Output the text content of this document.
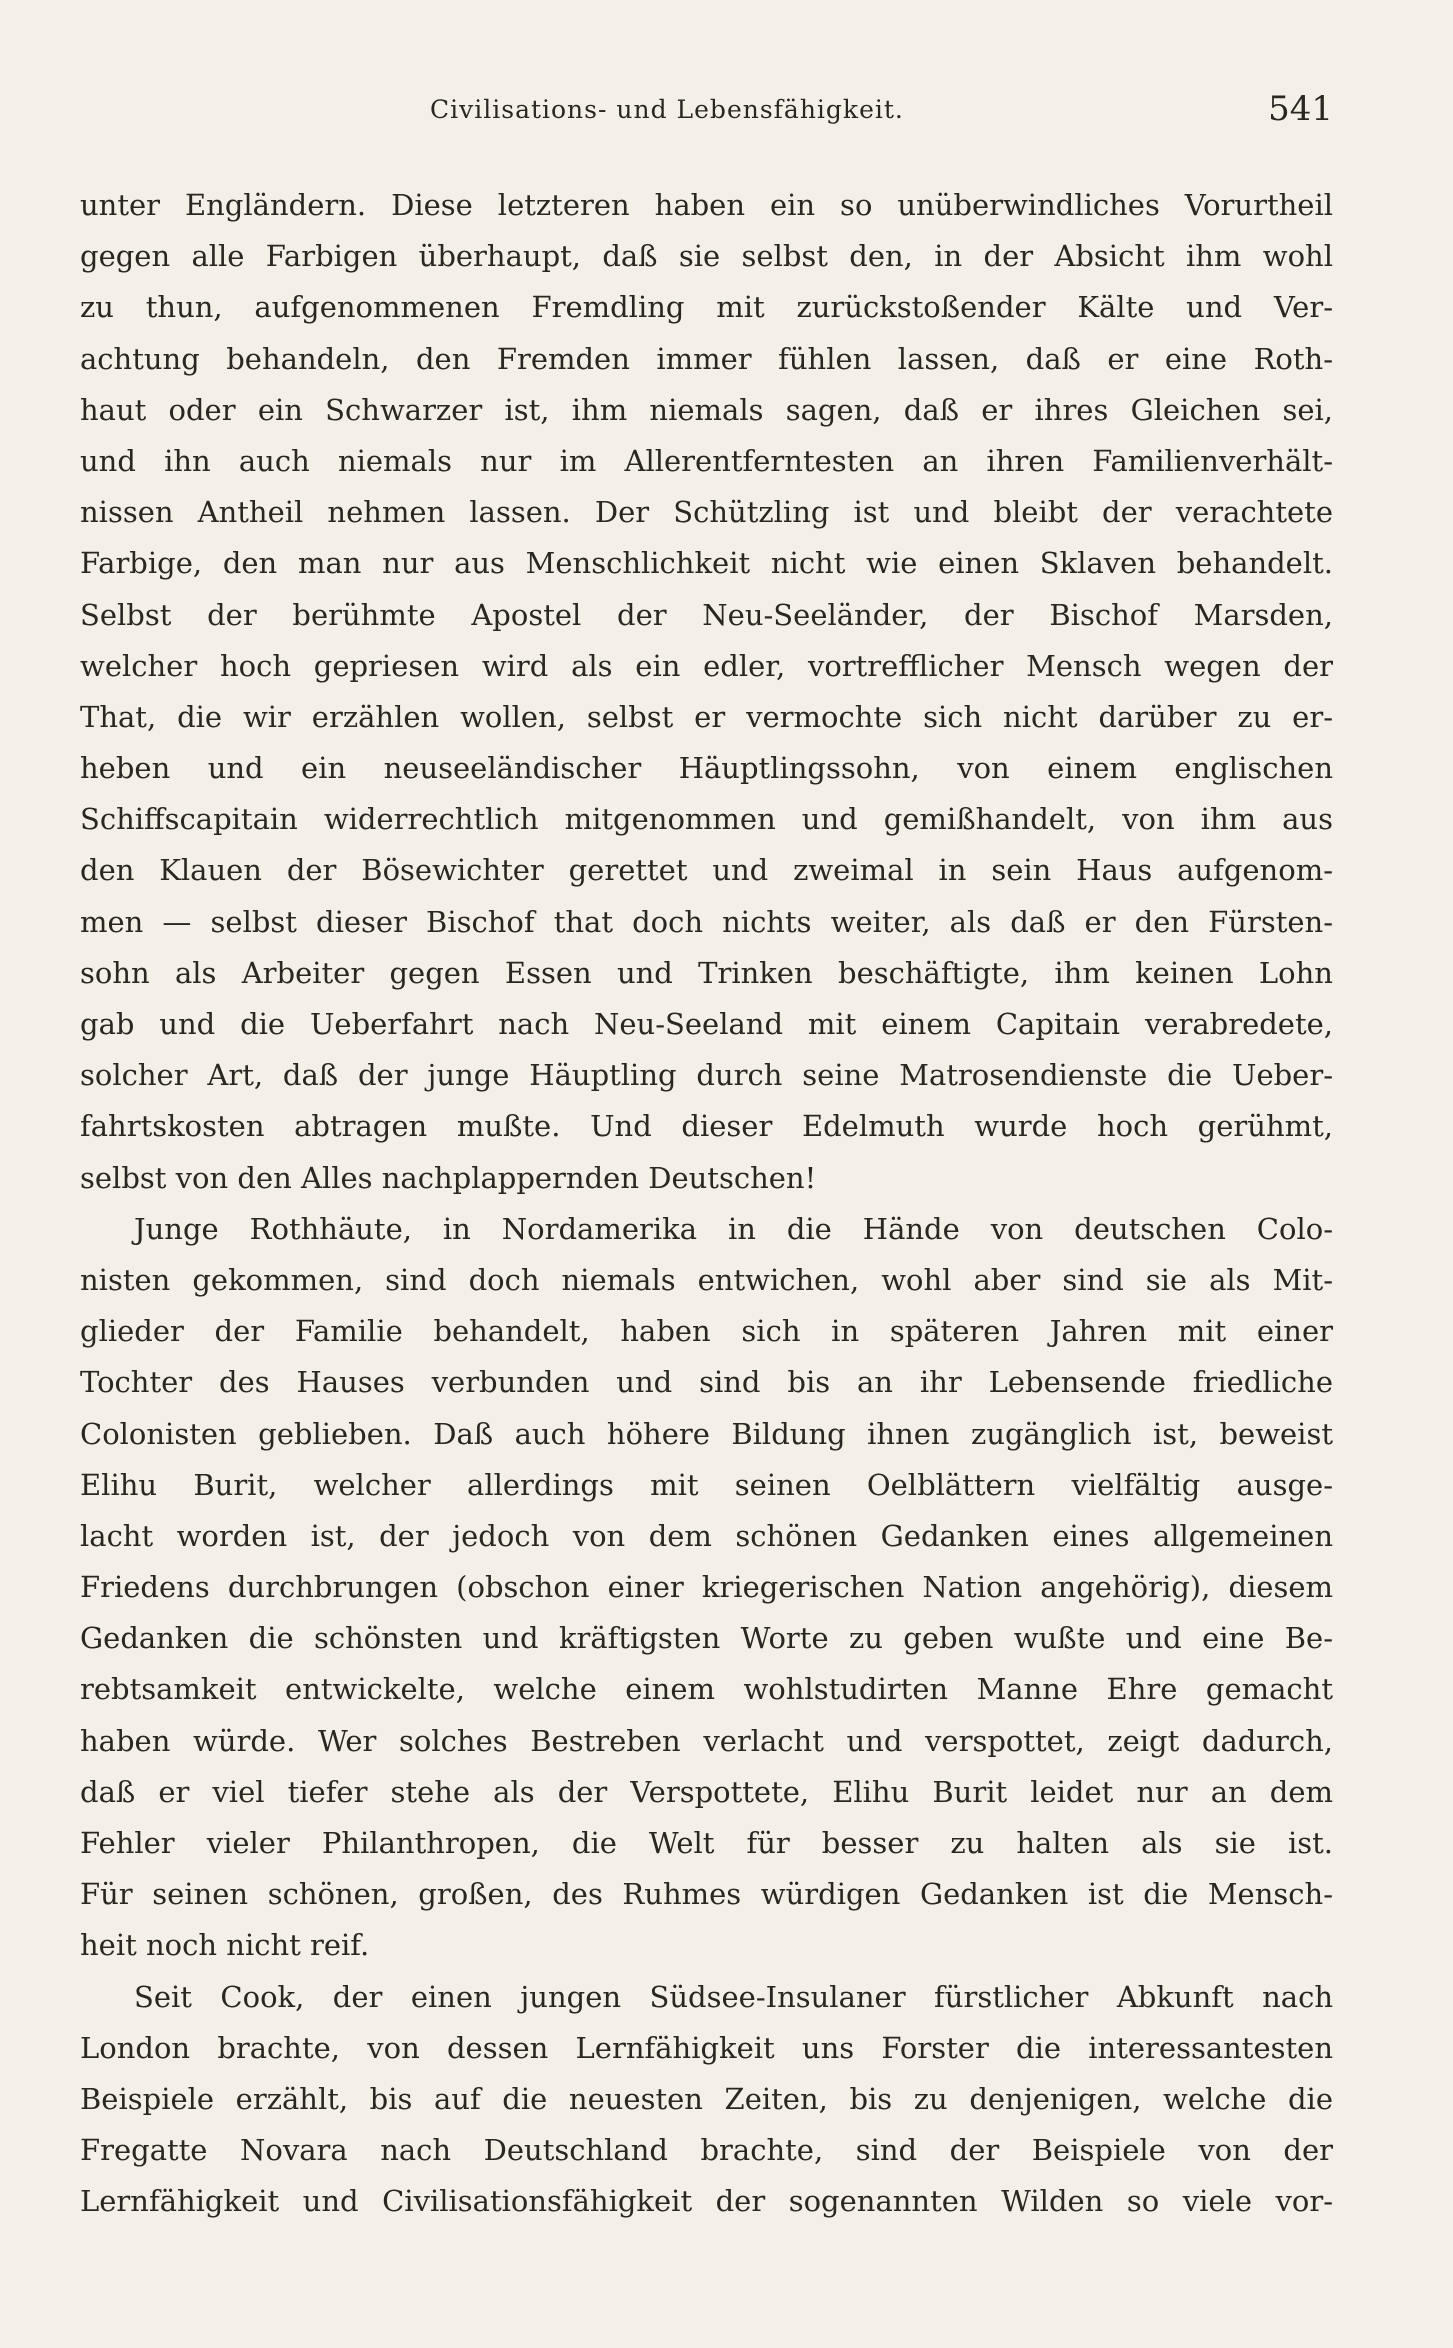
Civilisations- und Lebensfähigkeit.	541
unter Engländern. Diese letzteren haben ein so unüberwindliches Vorurtheil
gegen alle Farbigen überhaupt, daß sie selbst den, in der Absicht ihm wohl
zu thun, aufgenommenen Fremdling mit zurückstoßender Kälte und Ver-
achtung behandeln, den Fremden immer fühlen lassen, daß er eine Roth-
haut oder ein Schwarzer ist, ihm niemals sagen, daß er ihres Gleichen sei,
und ihn auch niemals nur im Allerentferntesten an ihren Familienverhält-
nissen Antheil nehmen lassen. Der Schützling ist und bleibt der verachtete
Farbige, den man nur aus Menschlichkeit nicht wie einen Sklaven behandelt.
Selbst der berühmte Apostel der Neu-Seeländer, der Bischof Marsden,
welcher hoch gepriesen wird als ein edler, vortrefflicher Mensch wegen der
That, die wir erzählen wollen, selbst er vermochte sich nicht darüber zu er-
heben und ein neuseeländischer Häuptlingssohn, von einem englischen
Schiffscapitain widerrechtlich mitgenommen und gemißhandelt, von ihm aus
den Klauen der Bösewichter gerettet und zweimal in sein Haus aufgenom-
men — selbst dieser Bischof that doch nichts weiter, als daß er den Fürsten-
sohn als Arbeiter gegen Essen und Trinken beschäftigte, ihm keinen Lohn
gab und die Ueberfahrt nach Neu-Seeland mit einem Capitain verabredete,
solcher Art, daß der junge Häuptling durch seine Matrosendienste die Ueber-
fahrtskosten abtragen mußte. Und dieser Edelmuth wurde hoch gerühmt,
selbst von den Alles nachplappernden Deutschen!
Junge Rothhäute, in Nordamerika in die Hände von deutschen Colo-
nisten gekommen, sind doch niemals entwichen, wohl aber sind sie als Mit-
glieder der Familie behandelt, haben sich in späteren Jahren mit einer
Tochter des Hauses verbunden und sind bis an ihr Lebensende friedliche
Colonisten geblieben. Daß auch höhere Bildung ihnen zugänglich ist, beweist
Elihu Burit, welcher allerdings mit seinen Oelblättern vielfältig ausge-
lacht worden ist, der jedoch von dem schönen Gedanken eines allgemeinen
Friedens durchbrungen (obschon einer kriegerischen Nation angehörig), diesem
Gedanken die schönsten und kräftigsten Worte zu geben wußte und eine Be-
rebtsamkeit entwickelte, welche einem wohlstudirten Manne Ehre gemacht
haben würde. Wer solches Bestreben verlacht und verspottet, zeigt dadurch,
daß er viel tiefer stehe als der Verspottete, Elihu Burit leidet nur an dem
Fehler vieler Philanthropen, die Welt für besser zu halten als sie ist.
Für seinen schönen, großen, des Ruhmes würdigen Gedanken ist die Mensch-
heit noch nicht reif.
Seit Cook, der einen jungen Südsee-Insulaner fürstlicher Abkunft nach
London brachte, von dessen Lernfähigkeit uns Forster die interessantesten
Beispiele erzählt, bis auf die neuesten Zeiten, bis zu denjenigen, welche die
Fregatte Novara nach Deutschland brachte, sind der Beispiele von der
Lernfähigkeit und Civilisationsfähigkeit der sogenannten Wilden so viele vor-
